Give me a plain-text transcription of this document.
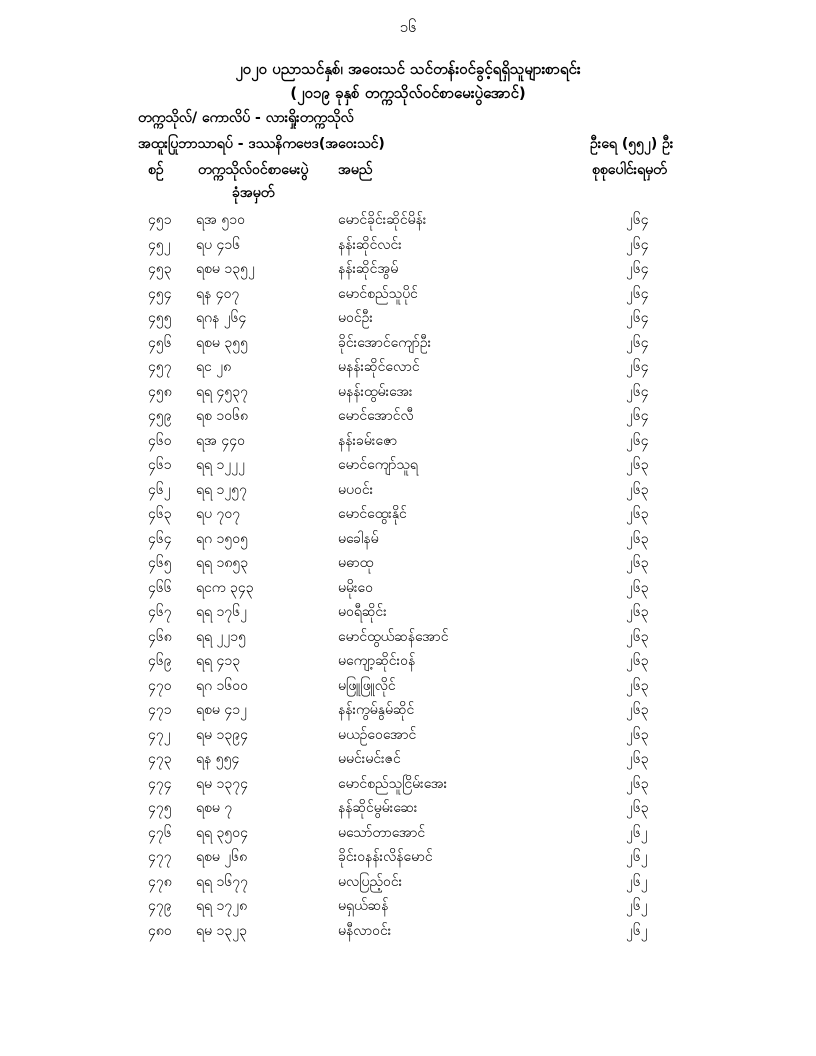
၁၆
၂၀၂၀ ပညာသင်နှစ်၊ အဝေးသင် သင်တန်းဝင်ခွင့်ရရှိသူများစာရင်း
(၂၀၁၉ ခုနှစ် တက္ကသိုလ်ဝင်စာမေးပွဲအောင်)
တက္ကသိုလ်/ ကောလိပ် - လားရှိုးတက္ကသိုလ်
အထူးပြုဘာသာရပ် - ဒဿနိကဗေဒ(အဝေးသင်)	ဦးရေ (၅၅၂) ဦး
စဉ် တက္ကသိုလ်ဝင်စာမေးပွဲ
ခုံအမှတ်
အမည်	စုစုပေါင်းရမှတ်
၄၅၁ ရအ ၅၁၀	မောင်ခိုင်းဆိုင်မိန်း	၂၆၄
၄၅၂ ရပ ၄၁၆	နန်းဆိုင်လင်း	၂၆၄
၄၅၃ ရစမ ၁၃၅၂	နန်းဆိုင်အွမ်	၂၆၄
၄၅၄ ရန ၄၀၇	မောင်စည်သူပိုင်	၂၆၄
၄၅၅ ရဂန ၂၆၄	မဝင်ဦး	၂၆၄
၄၅၆ ရစမ ၃၅၅	ခိုင်းအောင်ကျော်ဦး	၂၆၄
၄၅၇ ရင ၂၈	မနန်းဆိုင်လောင်	၂၆၄
၄၅၈ ရရ ၄၅၃၇	မနန်းထွမ်းအေး	၂၆၄
၄၅၉ ရစ ၁၀၆၈	မောင်အောင်လီ	၂၆၄
၄၆၀ ရအ ၄၄၀	နန်းခမ်းဇော	၂၆၄
၄၆၁ ရရ ၁၂၂၂	မောင်ကျော်သူရ	၂၆၃
၄၆၂ ရရ ၁၂၅၇	မပဝင်း	၂၆၃
၄၆၃ ရပ ၇၀၇	မောင်ထွေးနိုင်	၂၆၃
၄၆၄ ရဂ ၁၅၀၅	မခေါနမ်	၂၆၃
၄၆၅ ရရ ၁၈၅၃	မဓာထု	၂၆၃
၄၆၆ ရငက ၃၄၃	မမိုးဝေ	၂၆၃
၄၆၇ ရရ ၁၇၆၂	မဝရီဆိုင်း	၂၆၃
၄၆၈ ရရ ၂၂၁၅	မောင်ထွယ်ဆန်အောင်	၂၆၃
၄၆၉ ရရ ၄၁၃	မကျော့ဆိုင်းဝန်	၂၆၃
၄၇၀ ရဂ ၁၆၀၀	မဖြူဖြူလိုင်	၂၆၃
၄၇၁ ရစမ ၄၁၂	နန်းကွမ်နွမ်ဆိုင်	၂၆၃
၄၇၂ ရမ ၁၃၉၄	မယဉ်ဝေအောင်	၂၆၃
၄၇၃ ရန ၅၅၄	မမင်းမင်းဇင်	၂၆၃
၄၇၄ ရမ ၁၃၇၄	မောင်စည်သူငြိမ်းအေး	၂၆၃
၄၇၅ ရစမ ၇	နန်ဆိုင်မွမ်းဆေး	၂၆၃
၄၇၆ ရရ ၃၅၀၄	မသော်တာအောင်	၂၆၂
၄၇၇ ရစမ ၂၆၈	ခိုင်းဝနန်းလိန်မောင်	၂၆၂
၄၇၈ ရရ ၁၆၇၇	မလပြည့်ဝင်း	၂၆၂
၄၇၉ ရရ ၁၇၂၈	မရှယ်ဆန်	၂၆၂
၄၈၀ ရမ ၁၃၂၃	မနီလာဝင်း	၂၆၂
